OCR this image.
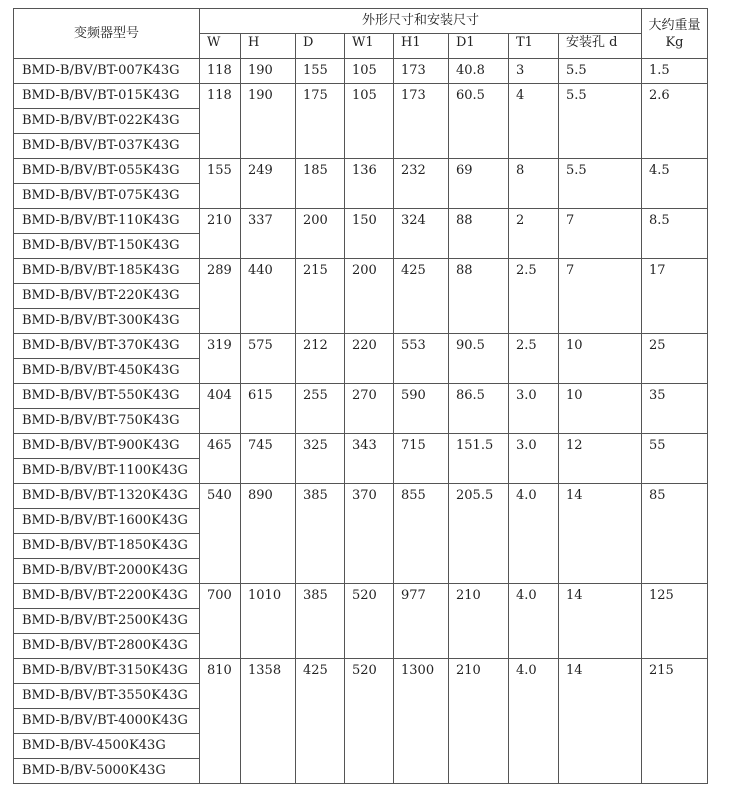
变频器型号	外形尺寸和安装尺寸								大约重量
Kg

	W	H	D	W1	H1	D1	T1	安装孔 d	
BMD-B/BV/BT-007K43G	118	190	155	105	173	40.8	3	5.5	1.5
BMD-B/BV/BT-015K43G	118	190	175	105	173	60.5	4	5.5	2.6
BMD-B/BV/BT-022K43G									
BMD-B/BV/BT-037K43G									
BMD-B/BV/BT-055K43G	155	249	185	136	232	69	8	5.5	4.5
BMD-B/BV/BT-075K43G									
BMD-B/BV/BT-110K43G	210	337	200	150	324	88	2	7	8.5
BMD-B/BV/BT-150K43G									
BMD-B/BV/BT-185K43G	289	440	215	200	425	88	2.5	7	17
BMD-B/BV/BT-220K43G									
BMD-B/BV/BT-300K43G									
BMD-B/BV/BT-370K43G	319	575	212	220	553	90.5	2.5	10	25
BMD-B/BV/BT-450K43G									
BMD-B/BV/BT-550K43G	404	615	255	270	590	86.5	3.0	10	35
BMD-B/BV/BT-750K43G									
BMD-B/BV/BT-900K43G	465	745	325	343	715	151.5	3.0	12	55
BMD-B/BV/BT-1100K43G									
BMD-B/BV/BT-1320K43G	540	890	385	370	855	205.5	4.0	14	85
BMD-B/BV/BT-1600K43G									
BMD-B/BV/BT-1850K43G									
BMD-B/BV/BT-2000K43G									
BMD-B/BV/BT-2200K43G	700	1010	385	520	977	210	4.0	14	125
BMD-B/BV/BT-2500K43G									
BMD-B/BV/BT-2800K43G									
BMD-B/BV/BT-3150K43G	810	1358	425	520	1300	210	4.0	14	215
BMD-B/BV/BT-3550K43G									
BMD-B/BV/BT-4000K43G									
BMD-B/BV-4500K43G									
BMD-B/BV-5000K43G									
